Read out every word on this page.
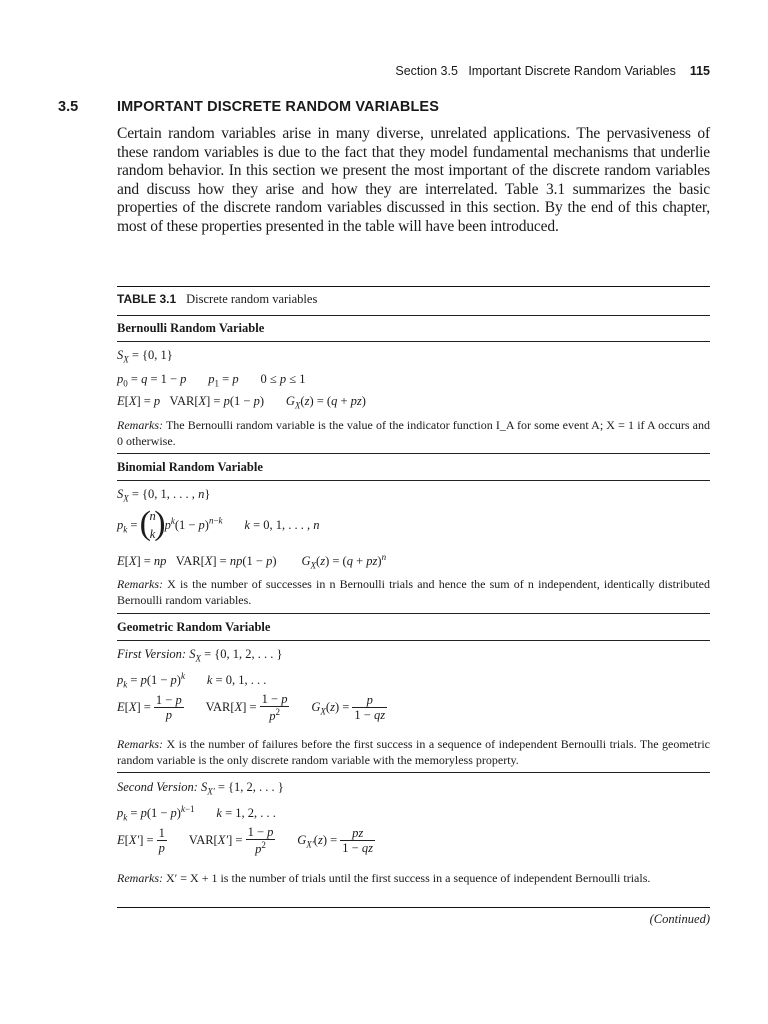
Section 3.5   Important Discrete Random Variables 115
3.5	IMPORTANT DISCRETE RANDOM VARIABLES
Certain random variables arise in many diverse, unrelated applications. The pervasiveness of these random variables is due to the fact that they model fundamental mechanisms that underlie random behavior. In this section we present the most important of the discrete random variables and discuss how they arise and how they are interrelated. Table 3.1 summarizes the basic properties of the discrete random variables discussed in this section. By the end of this chapter, most of these properties presented in the table will have been introduced.
TABLE 3.1 Discrete random variables
Bernoulli Random Variable
$S_X = \{0$, 1}
$p_0 = q = 1 - p$ $p_1 = p$       0 ≤ p ≤ 1
E[X] = p   VAR[X] = p(1 − p)       $G_X(z) = (q + pz)$
Remarks: The Bernoulli random variable is the value of the indicator function I_A for some event A; X = 1 if A occurs and 0 otherwise.
Binomial Random Variable
$S_X = \{0$, 1, . . . , n}
$p_k$ = (
n
k
) $p^k(1 - p)^{n-k}$ k = 0, 1, . . . , n
E[X] = np   VAR[X] = np(1 − p)        $G_X(z) = (q + pz)^n$
Remarks: X is the number of successes in n Bernoulli trials and hence the sum of n independent, identically distributed Bernoulli random variables.
Geometric Random Variable
First Version: $S_X = \{0$, 1, 2, . . . }
$p_k = p(1 - p)^k$ k = 0, 1, . . .
$E[X] = \frac{1 - p}{p} VAR[X] = \frac{1 - p}{p^2} G_X(z) = \frac{p}{1 - qz}$
Remarks: X is the number of failures before the first success in a sequence of independent Bernoulli trials. The geometric random variable is the only discrete random variable with the memoryless property.
Second Version: $S_{X'} = \{1$, 2, . . . }
$p_k = p(1 - p)^{k-1}$ k = 1, 2, . . .
$E[X'] = \frac{1}{p} VAR[X'] = \frac{1 - p}{p^2} G_{X'}(z) = \frac{pz}{1 - qz}$
Remarks: X′ = X + 1 is the number of trials until the first success in a sequence of independent Bernoulli trials.
(Continued)
